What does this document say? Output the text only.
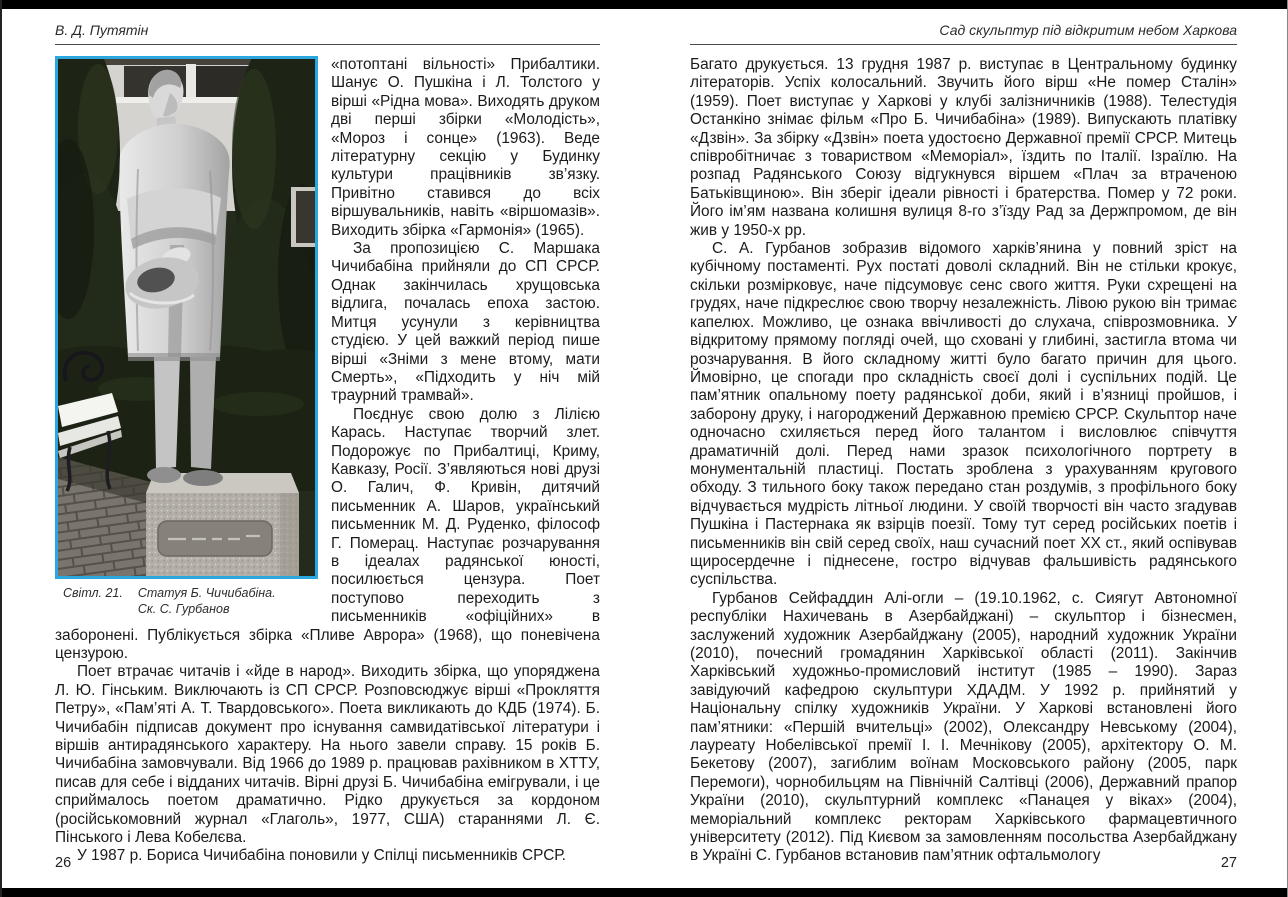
В. Д. Путятін
Світл. 21. Статуя Б. Чичибабіна.
Ск. С. Гурбанов

«потоптані вільності» Прибалтики. Шанує О. Пушкіна і Л. Толстого у вірші «Рідна мова». Виходять друком дві перші збірки «Молодість», «Мороз і сонце» (1963). Веде літературну секцію у Будинку культури працівників зв’язку. Привітно ставився до всіх віршувальників, навіть «віршомазів». Виходить збірка «Гармонія» (1965).

За пропозицією С. Маршака Чичибабіна прийняли до СП СРСР. Однак закінчилась хрущовська відлига, почалась епоха застою. Митця усунули з керівництва студією. У цей важкий період пише вірші «Зніми з мене втому, мати Смерть», «Підходить у ніч мій траурний трамвай».

Поєднує свою долю з Лілією Карась. Наступає творчий злет. Подорожує по Прибалтиці, Криму, Кавказу, Росії. З’являються нові друзі О. Галич, Ф. Кривін, дитячий письменник А. Шаров, український письменник М. Д. Руденко, філософ Г. Померац. Наступає розчарування в ідеалах радянської юності, посилюється цензура. Поет поступово переходить з письменників «офіційних» в заборонені. Публікується збірка «Пливе Аврора» (1968), що поневічена цензурою.

Поет втрачає читачів і «йде в народ». Виходить збірка, що упоряджена Л. Ю. Гінським. Виключають із СП СРСР. Розповсюджує вірші «Прокляття Петру», «Пам’яті А. Т. Твардовського». Поета викликають до КДБ (1974). Б. Чичибабін підписав документ про існування самвидатівської літератури і віршів антирадянського характеру. На нього завели справу. 15 років Б. Чичибабіна замовчували. Від 1966 до 1989 р. працював рахівником в ХТТУ, писав для себе і відданих читачів. Вірні друзі Б. Чичибабіна емігрували, і це сприймалось поетом драматично. Рідко друкується за кордоном (російськомовний журнал «Глаголь», 1977, США) стараннями Л. Є. Пінського і Лева Кобелєва.

У 1987 р. Бориса Чичибабіна поновили у Спілці письменників СРСР.

Сад скульптур під відкритим небом Харкова

Багато друкується. 13 грудня 1987 р. виступає в Центральному будинку літераторів. Успіх колосальний. Звучить його вірш «Не помер Сталін» (1959). Поет виступає у Харкові у клубі залізничників (1988). Телестудія Останкіно знімає фільм «Про Б. Чичибабіна» (1989). Випускають платівку «Дзвін». За збірку «Дзвін» поета удостоєно Державної премії СРСР. Митець співробітничає з товариством «Меморіал», їздить по Італії. Ізраїлю. На розпад Радянського Союзу відгукнувся віршем «Плач за втраченою Батьківщиною». Він зберіг ідеали рівності і братерства. Помер у 72 роки. Його ім’ям названа колишня вулиця 8-го з’їзду Рад за Держпромом, де він жив у 1950-х рр.

С. А. Гурбанов зобразив відомого харків’янина у повний зріст на кубічному постаменті. Рух постаті доволі складний. Він не стільки крокує, скільки розмірковує, наче підсумовує сенс свого життя. Руки схрещені на грудях, наче підкреслює свою творчу незалежність. Лівою рукою він тримає капелюх. Можливо, це ознака ввічливості до слухача, співрозмовника. У відкритому прямому погляді очей, що сховані у глибині, застигла втома чи розчарування. В його складному житті було багато причин для цього. Ймовірно, це спогади про складність своєї долі і суспільних подій. Це пам’ятник опальному поету радянської доби, який і в’язниці пройшов, і заборону друку, і нагороджений Державною премією СРСР. Скульптор наче одночасно схиляється перед його талантом і висловлює співчуття драматичній долі. Перед нами зразок психологічного портрету в монументальній пластиці. Постать зроблена з урахуванням кругового обходу. З тильного боку також передано стан роздумів, з профільного боку відчувається мудрість літньої людини. У своїй творчості він часто згадував Пушкіна і Пастернака як взірців поезії. Тому тут серед російських поетів і письменників він свій серед своїх, наш сучасний поет ХХ ст., який оспівував щиросердечне і піднесене, гостро відчував фальшивість радянського суспільства.

Гурбанов Сейфаддин Алі-огли – (19.10.1962, с. Сиягут Автономної республіки Нахичевань в Азербайджані) – скульптор і бізнесмен, заслужений художник Азербайджану (2005), народний художник України (2010), почесний громадянин Харківської області (2011). Закінчив Харківський художньо-промисловий інститут (1985 – 1990). Зараз завідуючий кафедрою скульптури ХДАДМ. У 1992 р. прийнятий у Національну спілку художників України. У Харкові встановлені його пам’ятники: «Першій вчительці» (2002), Олександру Невському (2004), лауреату Нобелівської премії І. І. Мечнікову (2005), архітектору О. М. Бекетову (2007), загиблим воїнам Московського району (2005, парк Перемоги), чорнобильцям на Північній Салтівці (2006), Державний прапор України (2010), скульптурний комплекс «Панацея у віках» (2004), меморіальний комплекс ректорам Харківського фармацевтичного університету (2012). Під Києвом за замовленням посольства Азербайджану в Україні С. Гурбанов встановив пам’ятник офтальмологу

26	27
